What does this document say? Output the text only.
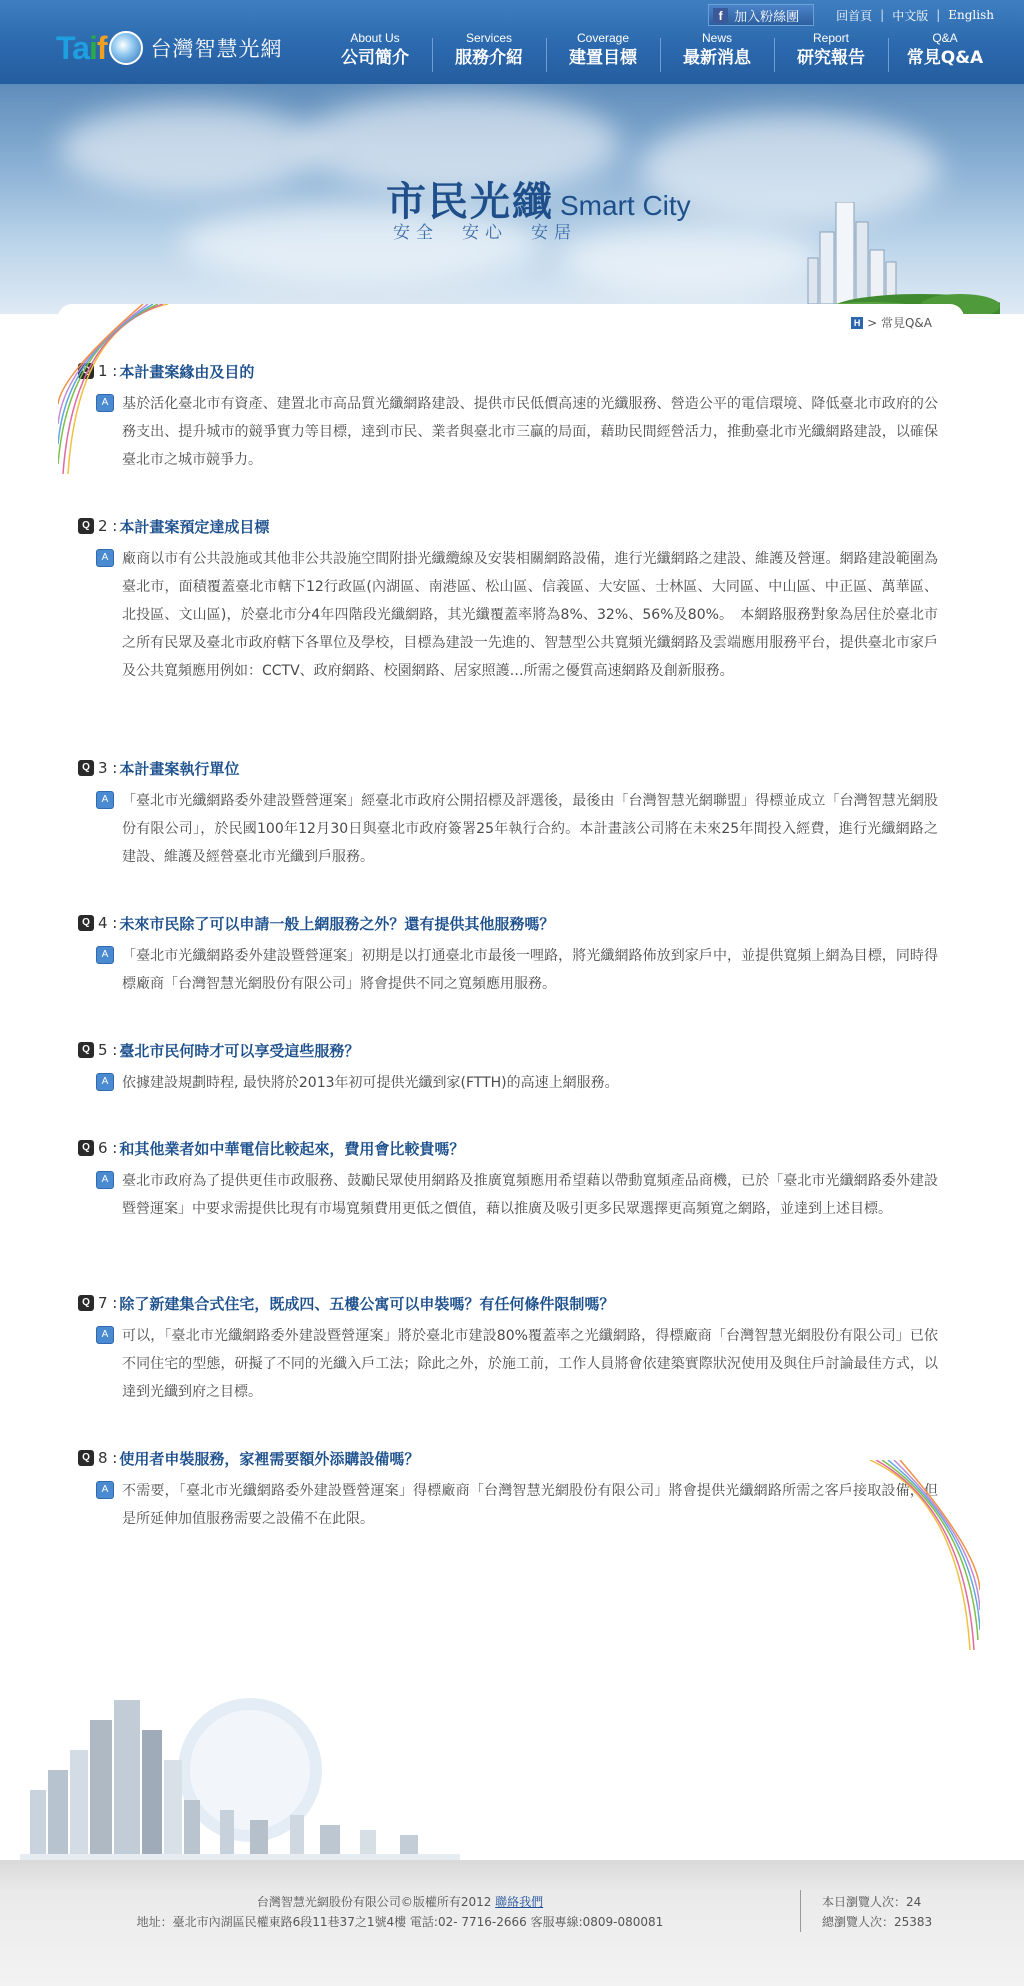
Taif 台灣智慧光網
f 加入粉絲團	回首頁 | 中文版 | English
About Us
公司簡介
Services
服務介紹
Coverage
建置目標
News
最新消息
Report
研究報告
Q&A
常見Q&A
市民光纖 Smart City
安全　安心　安居
H > 常見Q&A
Q 1 : 本計畫案緣由及目的
A 基於活化臺北市有資產、建置北市高品質光纖網路建設、提供市民低價高速的光纖服務、營造公平的電信環境、降低臺北市政府的公務支出、提升城市的競爭實力等目標，達到市民、業者與臺北市三贏的局面，藉助民間經營活力，推動臺北市光纖網路建設，以確保臺北市之城市競爭力。
Q 2 : 本計畫案預定達成目標
A 廠商以市有公共設施或其他非公共設施空間附掛光纖纜線及安裝相關網路設備，進行光纖網路之建設、維護及營運。網路建設範圍為臺北市，面積覆蓋臺北市轄下12行政區(內湖區、南港區、松山區、信義區、大安區、士林區、大同區、中山區、中正區、萬華區、北投區、文山區)，於臺北市分4年四階段光纖網路，其光纖覆蓋率將為8%、32%、56%及80%。　本網路服務對象為居住於臺北市之所有民眾及臺北市政府轄下各單位及學校，目標為建設一先進的、智慧型公共寬頻光纖網路及雲端應用服務平台，提供臺北市家戶及公共寬頻應用例如：CCTV、政府網路、校園網路、居家照護…所需之優質高速網路及創新服務。
Q 3 : 本計畫案執行單位
A 「臺北市光纖網路委外建設暨營運案」經臺北市政府公開招標及評選後，最後由「台灣智慧光網聯盟」得標並成立「台灣智慧光網股份有限公司」，於民國100年12月30日與臺北市政府簽署25年執行合約。本計畫該公司將在未來25年間投入經費，進行光纖網路之建設、維護及經營臺北市光纖到戶服務。
Q 4 : 未來市民除了可以申請一般上網服務之外？還有提供其他服務嗎？
A 「臺北市光纖網路委外建設暨營運案」初期是以打通臺北市最後一哩路，將光纖網路佈放到家戶中，並提供寬頻上網為目標，同時得標廠商「台灣智慧光網股份有限公司」將會提供不同之寬頻應用服務。
Q 5 : 臺北市民何時才可以享受這些服務？
A 依據建設規劃時程, 最快將於2013年初可提供光纖到家(FTTH)的高速上網服務。
Q 6 : 和其他業者如中華電信比較起來，費用會比較貴嗎？
A 臺北市政府為了提供更佳市政服務、鼓勵民眾使用網路及推廣寬頻應用希望藉以帶動寬頻產品商機，已於「臺北市光纖網路委外建設暨營運案」中要求需提供比現有市場寬頻費用更低之價值，藉以推廣及吸引更多民眾選擇更高頻寬之網路，並達到上述目標。
Q 7 : 除了新建集合式住宅，既成四、五樓公寓可以申裝嗎？有任何條件限制嗎？
A 可以，「臺北市光纖網路委外建設暨營運案」將於臺北市建設80%覆蓋率之光纖網路，得標廠商「台灣智慧光網股份有限公司」已依不同住宅的型態，研擬了不同的光纖入戶工法；除此之外，於施工前，工作人員將會依建築實際狀況使用及與住戶討論最佳方式，以達到光纖到府之目標。
Q 8 : 使用者申裝服務，家裡需要額外添購設備嗎？
A 不需要，「臺北市光纖網路委外建設暨營運案」得標廠商「台灣智慧光網股份有限公司」將會提供光纖網路所需之客戶接取設備，但是所延伸加值服務需要之設備不在此限。
台灣智慧光網股份有限公司©版權所有2012 聯絡我們
地址：臺北市內湖區民權東路6段11巷37之1號4樓 電話:02- 7716-2666 客服專線:0809-080081
本日瀏覽人次：24
總瀏覽人次：25383
